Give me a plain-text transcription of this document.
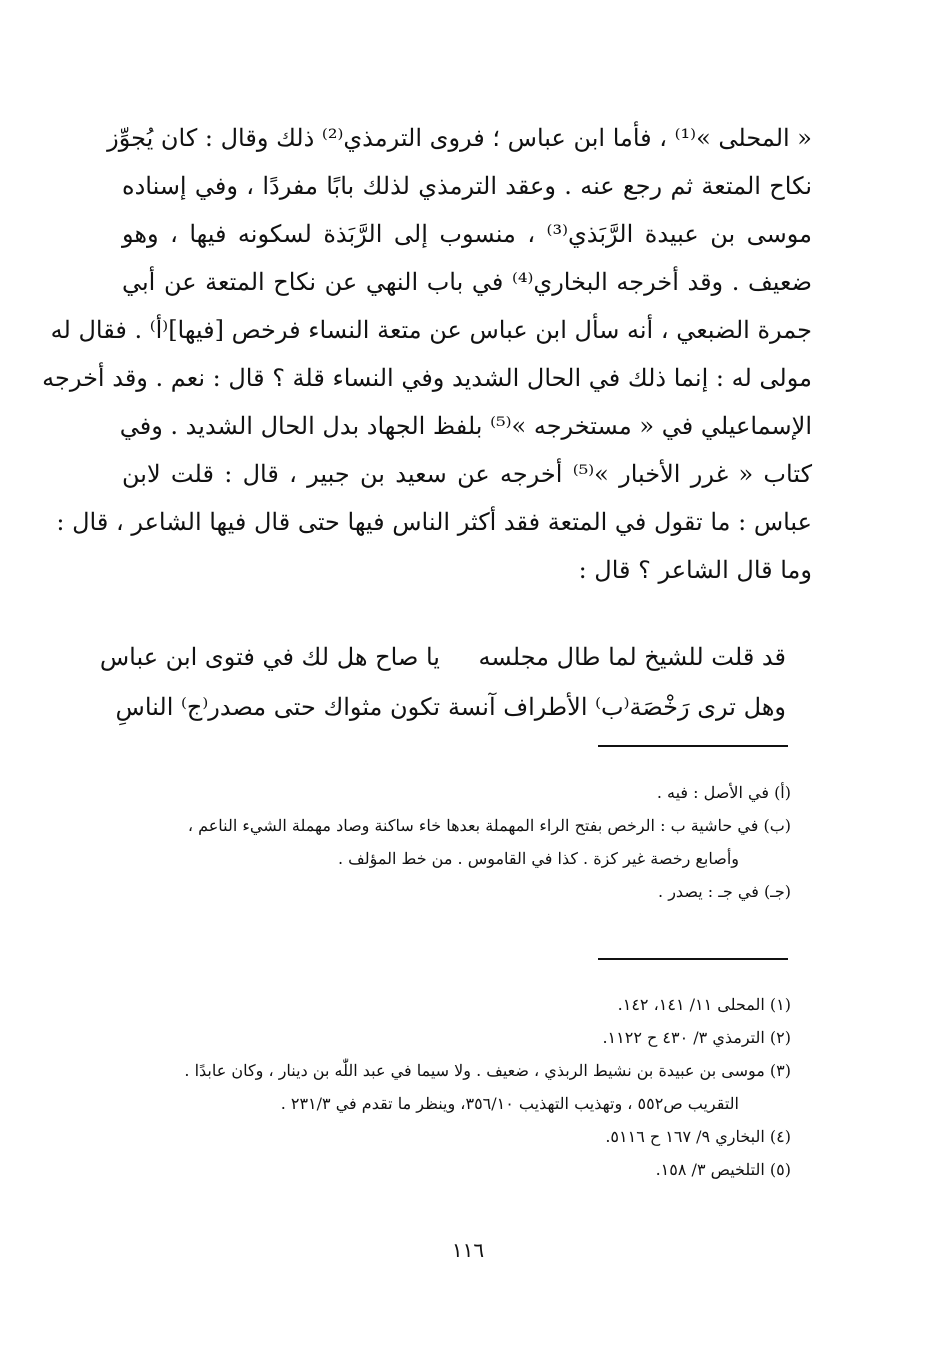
« المحلى »⁽¹⁾ ، فأما ابن عباس ؛ فروى الترمذي⁽²⁾ ذلك وقال : كان يُجوِّز
نكاح المتعة ثم رجع عنه . وعقد الترمذي لذلك بابًا مفردًا ، وفي إسناده
موسى بن عبيدة الرَّبَذي⁽³⁾ ، منسوب إلى الرَّبَذة لسكونه فيها ، وهو
ضعيف . وقد أخرجه البخاري⁽⁴⁾ في باب النهي عن نكاح المتعة عن أبي
جمرة الضبعي ، أنه سأل ابن عباس عن متعة النساء فرخص [فيها]⁽أ⁾ . فقال له
مولى له : إنما ذلك في الحال الشديد وفي النساء قلة ؟ قال : نعم . وقد أخرجه
الإسماعيلي في « مستخرجه »⁽⁵⁾ بلفظ الجهاد بدل الحال الشديد . وفي
كتاب « غرر الأخبار »⁽⁵⁾ أخرجه عن سعيد بن جبير ، قال : قلت لابن
عباس : ما تقول في المتعة فقد أكثر الناس فيها حتى قال فيها الشاعر ، قال :
وما قال الشاعر ؟ قال :
قد قلت للشيخ لما طال مجلسه
يا صاح هل لك في فتوى ابن عباس
وهل ترى رَخْصَة⁽ب⁾ الأطراف آنسة
تكون مثواك حتى مصدر⁽ج⁾ الناسِ
(أ) في الأصل : فيه .
(ب) في حاشية ب : الرخص بفتح الراء المهملة بعدها خاء ساكنة وصاد مهملة الشيء الناعم ،
وأصابع رخصة غير كزة . كذا في القاموس . من خط المؤلف .
(جـ) في جـ : يصدر .
(١) المحلى ١١/ ١٤١، ١٤٢.
(٢) الترمذي ٣/ ٤٣٠ ح ١١٢٢.
(٣) موسى بن عبيدة بن نشيط الربذي ، ضعيف . ولا سيما في عبد اللّٰه بن دينار ، وكان عابدًا .
التقريب ص٥٥٢ ، وتهذيب التهذيب ٣٥٦/١٠، وينظر ما تقدم في ٢٣١/٣ .
(٤) البخاري ٩/ ١٦٧ ح ٥١١٦.
(٥) التلخيص ٣/ ١٥٨.
١١٦
